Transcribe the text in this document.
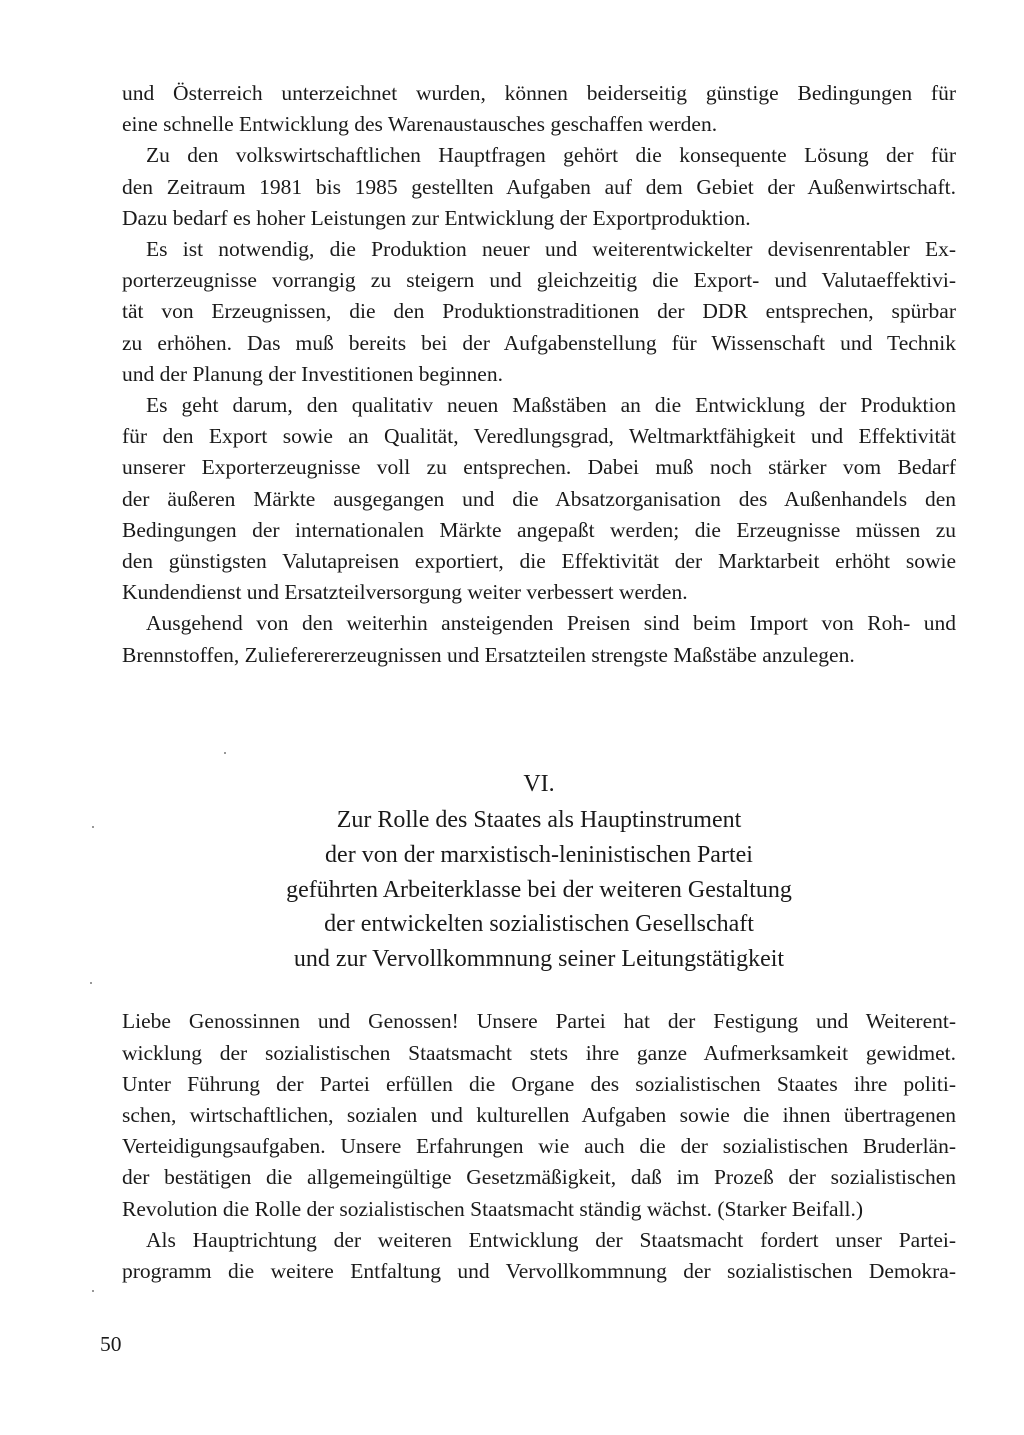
und Österreich unterzeichnet wurden, können beiderseitig günstige Bedingungen für
eine schnelle Entwicklung des Warenaustausches geschaffen werden.

Zu den volkswirtschaftlichen Hauptfragen gehört die konsequente Lösung der für
den Zeitraum 1981 bis 1985 gestellten Aufgaben auf dem Gebiet der Außenwirtschaft.
Dazu bedarf es hoher Leistungen zur Entwicklung der Exportproduktion.

Es ist notwendig, die Produktion neuer und weiterentwickelter devisenrentabler Ex-
porterzeugnisse vorrangig zu steigern und gleichzeitig die Export- und Valutaeffektivi-
tät von Erzeugnissen, die den Produktionstraditionen der DDR entsprechen, spürbar
zu erhöhen. Das muß bereits bei der Aufgabenstellung für Wissenschaft und Technik
und der Planung der Investitionen beginnen.

Es geht darum, den qualitativ neuen Maßstäben an die Entwicklung der Produktion
für den Export sowie an Qualität, Veredlungsgrad, Weltmarktfähigkeit und Effektivität
unserer Exporterzeugnisse voll zu entsprechen. Dabei muß noch stärker vom Bedarf
der äußeren Märkte ausgegangen und die Absatzorganisation des Außenhandels den
Bedingungen der internationalen Märkte angepaßt werden; die Erzeugnisse müssen zu
den günstigsten Valutapreisen exportiert, die Effektivität der Marktarbeit erhöht sowie
Kundendienst und Ersatzteilversorgung weiter verbessert werden.

Ausgehend von den weiterhin ansteigenden Preisen sind beim Import von Roh- und
Brennstoffen, Zulieferererzeugnissen und Ersatzteilen strengste Maßstäbe anzulegen.

VI.
Zur Rolle des Staates als Hauptinstrument
der von der marxistisch-leninistischen Partei
geführten Arbeiterklasse bei der weiteren Gestaltung
der entwickelten sozialistischen Gesellschaft
und zur Vervollkommnung seiner Leitungstätigkeit

Liebe Genossinnen und Genossen! Unsere Partei hat der Festigung und Weiterent-
wicklung der sozialistischen Staatsmacht stets ihre ganze Aufmerksamkeit gewidmet.
Unter Führung der Partei erfüllen die Organe des sozialistischen Staates ihre politi-
schen, wirtschaftlichen, sozialen und kulturellen Aufgaben sowie die ihnen übertragenen
Verteidigungsaufgaben. Unsere Erfahrungen wie auch die der sozialistischen Bruderlän-
der bestätigen die allgemeingültige Gesetzmäßigkeit, daß im Prozeß der sozialistischen
Revolution die Rolle der sozialistischen Staatsmacht ständig wächst. (Starker Beifall.)

Als Hauptrichtung der weiteren Entwicklung der Staatsmacht fordert unser Partei-
programm die weitere Entfaltung und Vervollkommnung der sozialistischen Demokra-

50
